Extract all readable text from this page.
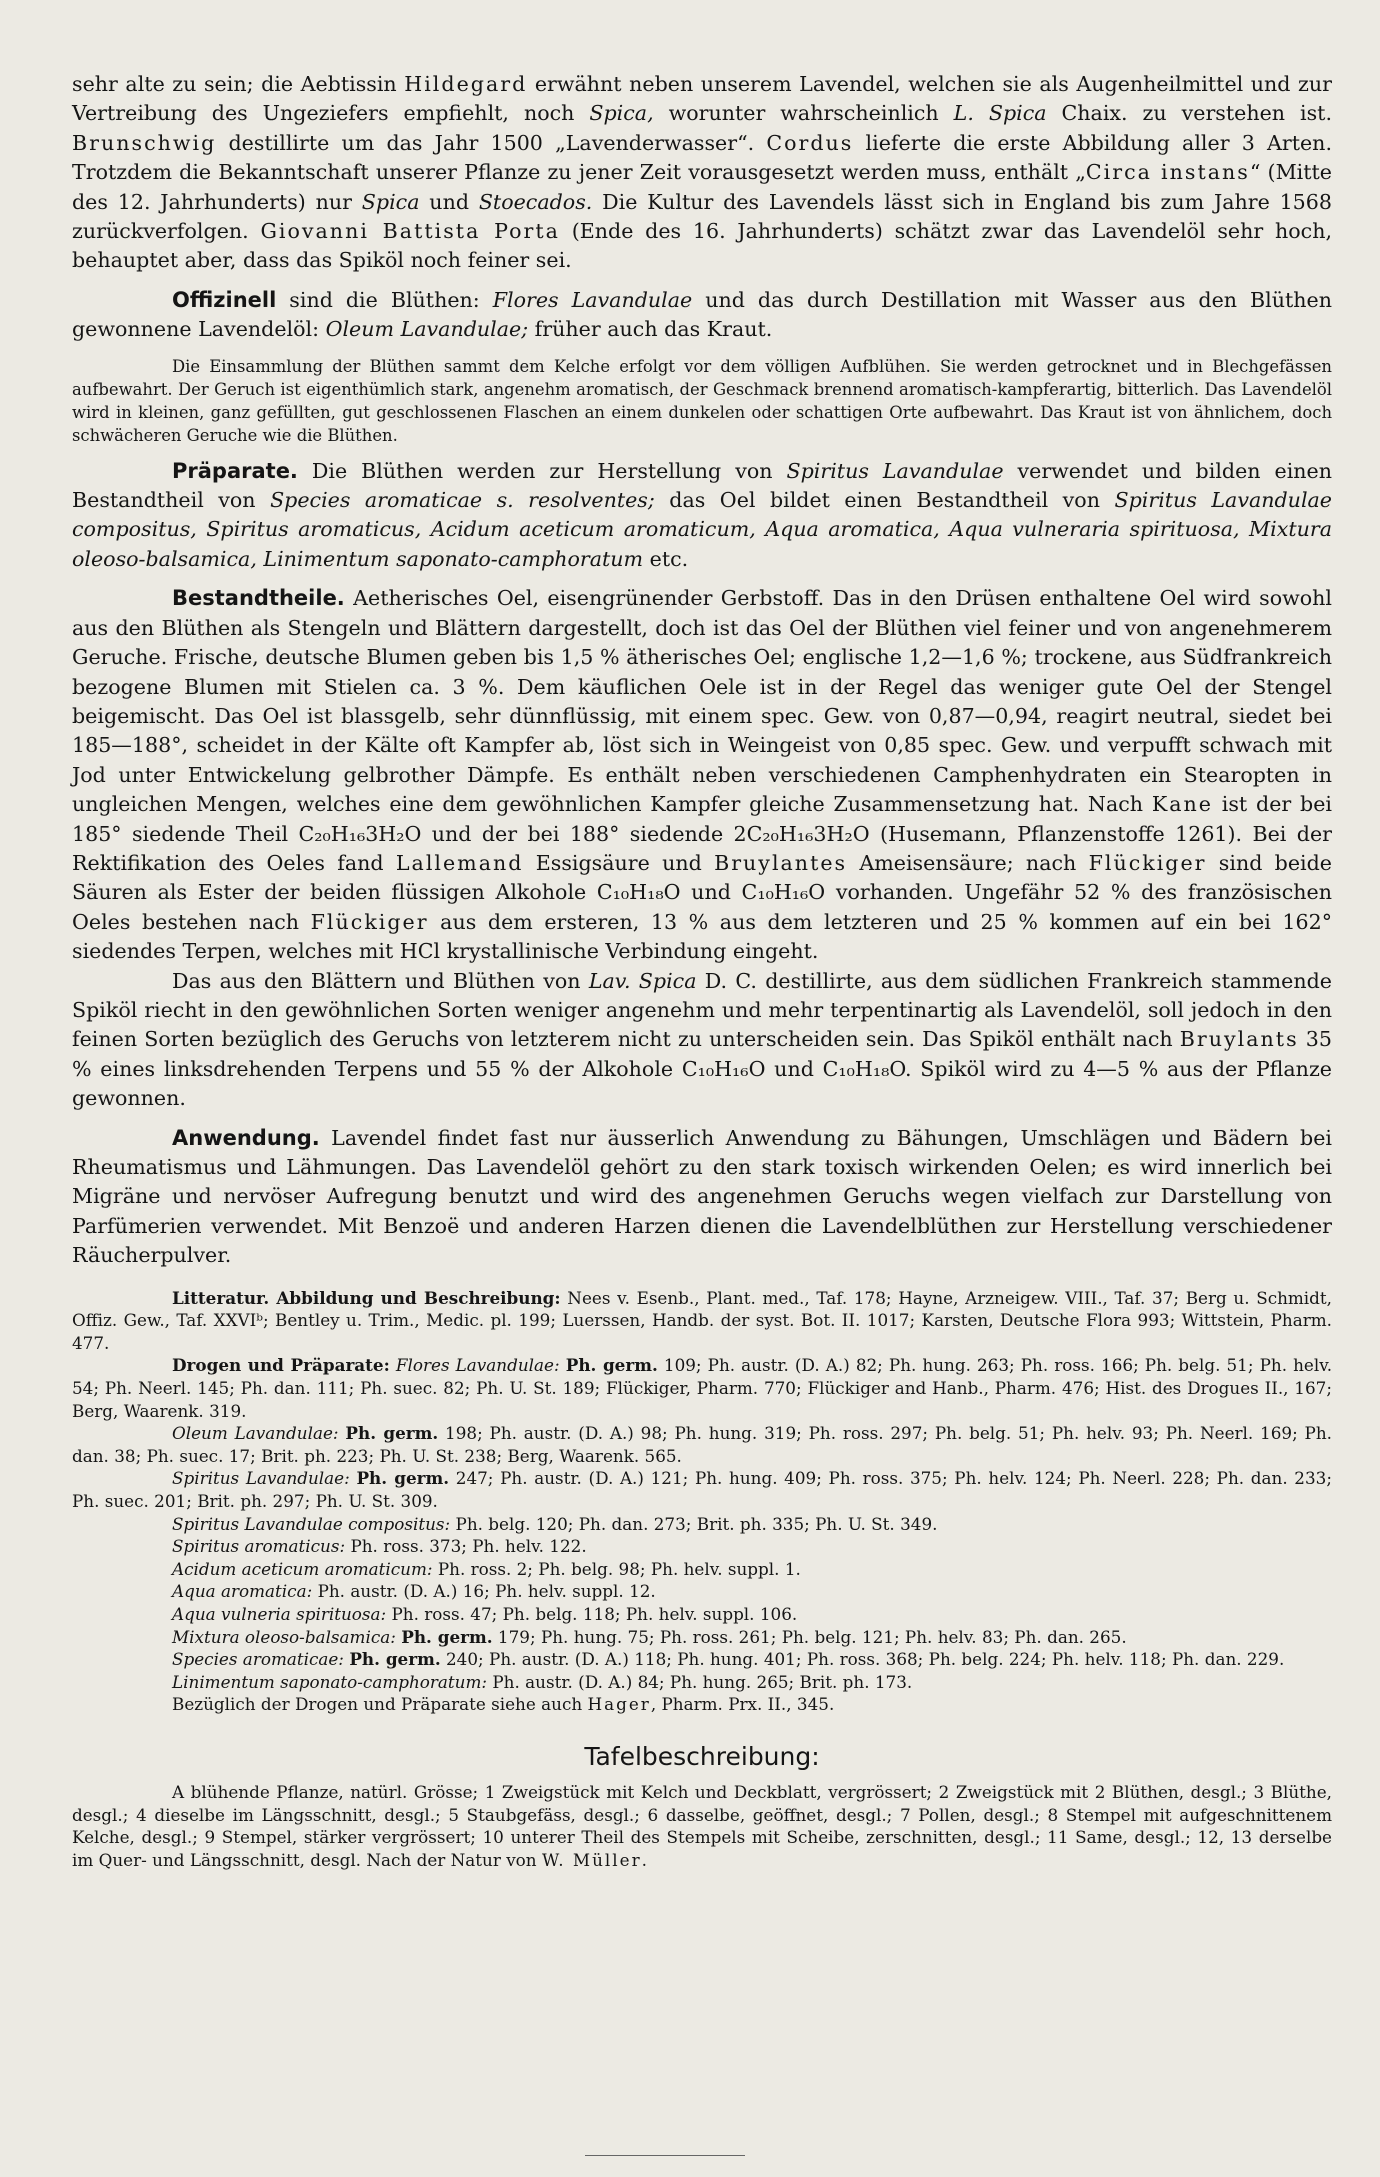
sehr alte zu sein; die Aebtissin Hildegard erwähnt neben unserem Lavendel, welchen sie als Augenheilmittel und zur Vertreibung des Ungeziefers empfiehlt, noch Spica, worunter wahrscheinlich L. Spica Chaix. zu verstehen ist. Brunschwig destillirte um das Jahr 1500 „Lavenderwasser“. Cordus lieferte die erste Abbildung aller 3 Arten. Trotzdem die Bekanntschaft unserer Pflanze zu jener Zeit vorausgesetzt werden muss, enthält „Circa instans“ (Mitte des 12. Jahrhunderts) nur Spica und Stoecados. Die Kultur des Lavendels lässt sich in England bis zum Jahre 1568 zurückverfolgen. Giovanni Battista Porta (Ende des 16. Jahrhunderts) schätzt zwar das Lavendelöl sehr hoch, behauptet aber, dass das Spiköl noch feiner sei.

Offizinell sind die Blüthen: Flores Lavandulae und das durch Destillation mit Wasser aus den Blüthen gewonnene Lavendelöl: Oleum Lavandulae; früher auch das Kraut.

Die Einsammlung der Blüthen sammt dem Kelche erfolgt vor dem völligen Aufblühen. Sie werden getrocknet und in Blechgefässen aufbewahrt. Der Geruch ist eigenthümlich stark, angenehm aromatisch, der Geschmack brennend aromatisch-kampferartig, bitterlich. Das Lavendelöl wird in kleinen, ganz gefüllten, gut geschlossenen Flaschen an einem dunkelen oder schattigen Orte aufbewahrt. Das Kraut ist von ähnlichem, doch schwächeren Geruche wie die Blüthen.

Präparate. Die Blüthen werden zur Herstellung von Spiritus Lavandulae verwendet und bilden einen Bestandtheil von Species aromaticae s. resolventes; das Oel bildet einen Bestandtheil von Spiritus Lavandulae compositus, Spiritus aromaticus, Acidum aceticum aromaticum, Aqua aromatica, Aqua vulneraria spirituosa, Mixtura oleoso-balsamica, Linimentum saponato-camphoratum etc.

Bestandtheile. Aetherisches Oel, eisengrünender Gerbstoff. Das in den Drüsen enthaltene Oel wird sowohl aus den Blüthen als Stengeln und Blättern dargestellt, doch ist das Oel der Blüthen viel feiner und von angenehmerem Geruche. Frische, deutsche Blumen geben bis 1,5 % ätherisches Oel; englische 1,2—1,6 %; trockene, aus Südfrankreich bezogene Blumen mit Stielen ca. 3 %. Dem käuflichen Oele ist in der Regel das weniger gute Oel der Stengel beigemischt. Das Oel ist blassgelb, sehr dünnflüssig, mit einem spec. Gew. von 0,87—0,94, reagirt neutral, siedet bei 185—188°, scheidet in der Kälte oft Kampfer ab, löst sich in Weingeist von 0,85 spec. Gew. und verpufft schwach mit Jod unter Entwickelung gelbrother Dämpfe. Es enthält neben verschiedenen Camphenhydraten ein Stearopten in ungleichen Mengen, welches eine dem gewöhnlichen Kampfer gleiche Zusammensetzung hat. Nach Kane ist der bei 185° siedende Theil C₂₀H₁₆3H₂O und der bei 188° siedende 2C₂₀H₁₆3H₂O (Husemann, Pflanzenstoffe 1261). Bei der Rektifikation des Oeles fand Lallemand Essigsäure und Bruylantes Ameisensäure; nach Flückiger sind beide Säuren als Ester der beiden flüssigen Alkohole C₁₀H₁₈O und C₁₀H₁₆O vorhanden. Ungefähr 52 % des französischen Oeles bestehen nach Flückiger aus dem ersteren, 13 % aus dem letzteren und 25 % kommen auf ein bei 162° siedendes Terpen, welches mit HCl krystallinische Verbindung eingeht.

Das aus den Blättern und Blüthen von Lav. Spica D. C. destillirte, aus dem südlichen Frankreich stammende Spiköl riecht in den gewöhnlichen Sorten weniger angenehm und mehr terpentinartig als Lavendelöl, soll jedoch in den feinen Sorten bezüglich des Geruchs von letzterem nicht zu unterscheiden sein. Das Spiköl enthält nach Bruylants 35 % eines linksdrehenden Terpens und 55 % der Alkohole C₁₀H₁₆O und C₁₀H₁₈O. Spiköl wird zu 4—5 % aus der Pflanze gewonnen.

Anwendung. Lavendel findet fast nur äusserlich Anwendung zu Bähungen, Umschlägen und Bädern bei Rheumatismus und Lähmungen. Das Lavendelöl gehört zu den stark toxisch wirkenden Oelen; es wird innerlich bei Migräne und nervöser Aufregung benutzt und wird des angenehmen Geruchs wegen vielfach zur Darstellung von Parfümerien verwendet. Mit Benzoë und anderen Harzen dienen die Lavendelblüthen zur Herstellung verschiedener Räucherpulver.

Litteratur. Abbildung und Beschreibung: Nees v. Esenb., Plant. med., Taf. 178; Hayne, Arzneigew. VIII., Taf. 37; Berg u. Schmidt, Offiz. Gew., Taf. XXVIᵇ; Bentley u. Trim., Medic. pl. 199; Luerssen, Handb. der syst. Bot. II. 1017; Karsten, Deutsche Flora 993; Wittstein, Pharm. 477.

Drogen und Präparate: Flores Lavandulae: Ph. germ. 109; Ph. austr. (D. A.) 82; Ph. hung. 263; Ph. ross. 166; Ph. belg. 51; Ph. helv. 54; Ph. Neerl. 145; Ph. dan. 111; Ph. suec. 82; Ph. U. St. 189; Flückiger, Pharm. 770; Flückiger and Hanb., Pharm. 476; Hist. des Drogues II., 167; Berg, Waarenk. 319.

Oleum Lavandulae: Ph. germ. 198; Ph. austr. (D. A.) 98; Ph. hung. 319; Ph. ross. 297; Ph. belg. 51; Ph. helv. 93; Ph. Neerl. 169; Ph. dan. 38; Ph. suec. 17; Brit. ph. 223; Ph. U. St. 238; Berg, Waarenk. 565.

Spiritus Lavandulae: Ph. germ. 247; Ph. austr. (D. A.) 121; Ph. hung. 409; Ph. ross. 375; Ph. helv. 124; Ph. Neerl. 228; Ph. dan. 233; Ph. suec. 201; Brit. ph. 297; Ph. U. St. 309.

Spiritus Lavandulae compositus: Ph. belg. 120; Ph. dan. 273; Brit. ph. 335; Ph. U. St. 349.

Spiritus aromaticus: Ph. ross. 373; Ph. helv. 122.

Acidum aceticum aromaticum: Ph. ross. 2; Ph. belg. 98; Ph. helv. suppl. 1.

Aqua aromatica: Ph. austr. (D. A.) 16; Ph. helv. suppl. 12.

Aqua vulneria spirituosa: Ph. ross. 47; Ph. belg. 118; Ph. helv. suppl. 106.

Mixtura oleoso-balsamica: Ph. germ. 179; Ph. hung. 75; Ph. ross. 261; Ph. belg. 121; Ph. helv. 83; Ph. dan. 265.

Species aromaticae: Ph. germ. 240; Ph. austr. (D. A.) 118; Ph. hung. 401; Ph. ross. 368; Ph. belg. 224; Ph. helv. 118; Ph. dan. 229.

Linimentum saponato-camphoratum: Ph. austr. (D. A.) 84; Ph. hung. 265; Brit. ph. 173.

Bezüglich der Drogen und Präparate siehe auch Hager, Pharm. Prx. II., 345.

Tafelbeschreibung:

A blühende Pflanze, natürl. Grösse; 1 Zweigstück mit Kelch und Deckblatt, vergrössert; 2 Zweigstück mit 2 Blüthen, desgl.; 3 Blüthe, desgl.; 4 dieselbe im Längsschnitt, desgl.; 5 Staubgefäss, desgl.; 6 dasselbe, geöffnet, desgl.; 7 Pollen, desgl.; 8 Stempel mit aufgeschnittenem Kelche, desgl.; 9 Stempel, stärker vergrössert; 10 unterer Theil des Stempels mit Scheibe, zerschnitten, desgl.; 11 Same, desgl.; 12, 13 derselbe im Quer- und Längsschnitt, desgl. Nach der Natur von W. Müller.
